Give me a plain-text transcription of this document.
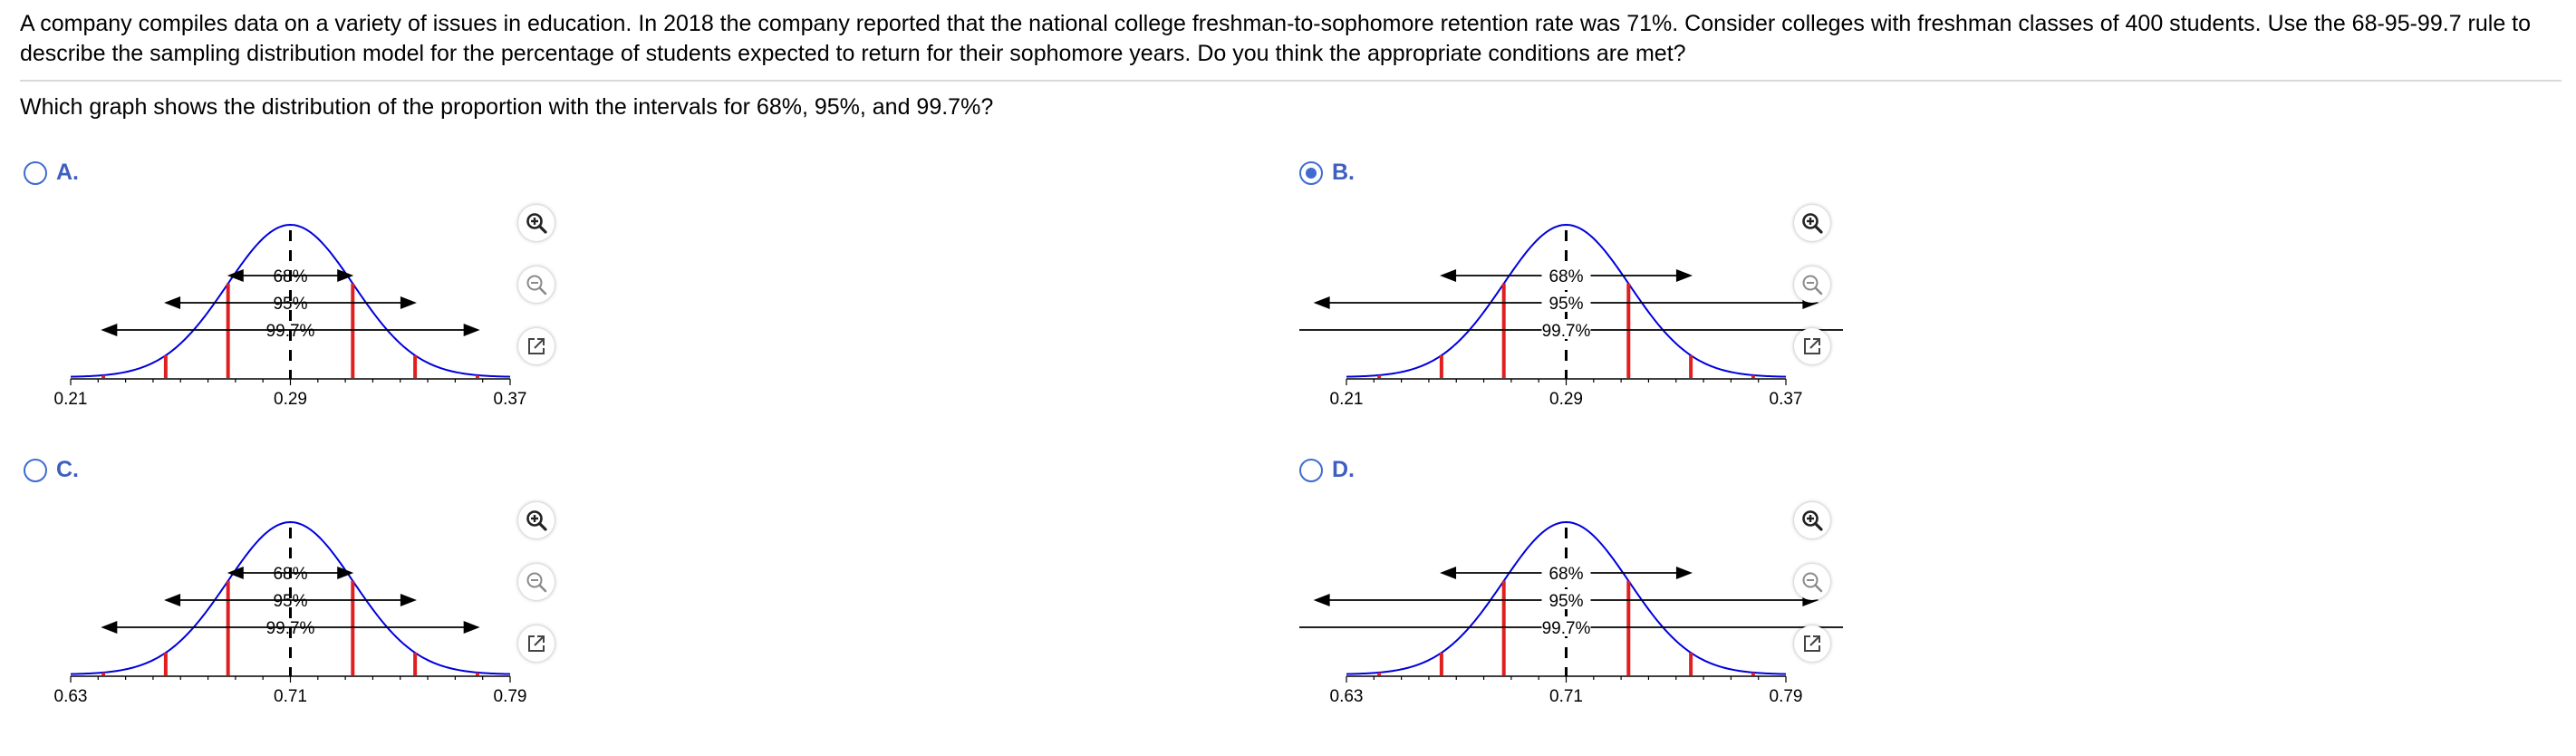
A company compiles data on a variety of issues in education. In 2018 the company reported that the national college freshman-to-sophomore retention rate was 71%. Consider colleges with freshman classes of 400 students. Use the 68-95-99.7 rule to describe the sampling distribution model for the percentage of students expected to return for their sophomore years. Do you think the appropriate conditions are met?
Which graph shows the distribution of the proportion with the intervals for 68%, 95%, and 99.7%?
A.
0.21	0.29	0.37
68%
95%
99.7%
B.
0.21	0.29	0.37
68%
95%
99.7%
C.
0.63	0.71	0.79
68%
95%
99.7%
D.
0.63	0.71	0.79
68%
95%
99.7%
